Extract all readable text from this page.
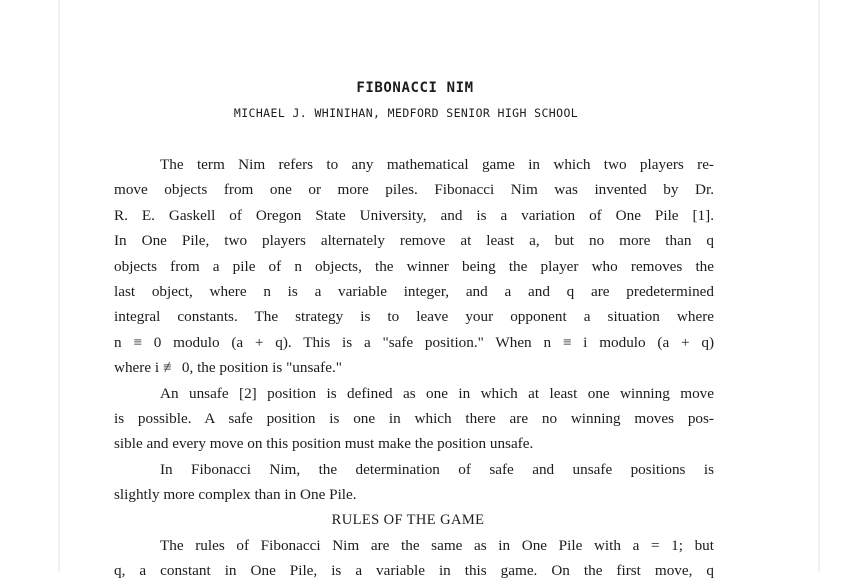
FIBONACCI NIM
MICHAEL J. WHINIHAN, MEDFORD SENIOR HIGH SCHOOL
The term Nim refers to any mathematical game in which two players re-
move objects from one or more piles. Fibonacci Nim was invented by Dr.
R. E. Gaskell of Oregon State University, and is a variation of One Pile [1].
In One Pile, two players alternately remove at least a, but no more than q
objects from a pile of n objects, the winner being the player who removes the
last object, where n is a variable integer, and a and q are predetermined
integral constants. The strategy is to leave your opponent a situation where
n ≡ 0 modulo (a + q). This is a "safe position." When n ≡ i modulo (a + q)
where i ≢ 0, the position is "unsafe."
An unsafe [2] position is defined as one in which at least one winning move
is possible. A safe position is one in which there are no winning moves pos-
sible and every move on this position must make the position unsafe.
In Fibonacci Nim, the determination of safe and unsafe positions is
slightly more complex than in One Pile.
RULES OF THE GAME
The rules of Fibonacci Nim are the same as in One Pile with a = 1; but
q, a constant in One Pile, is a variable in this game. On the first move, q
